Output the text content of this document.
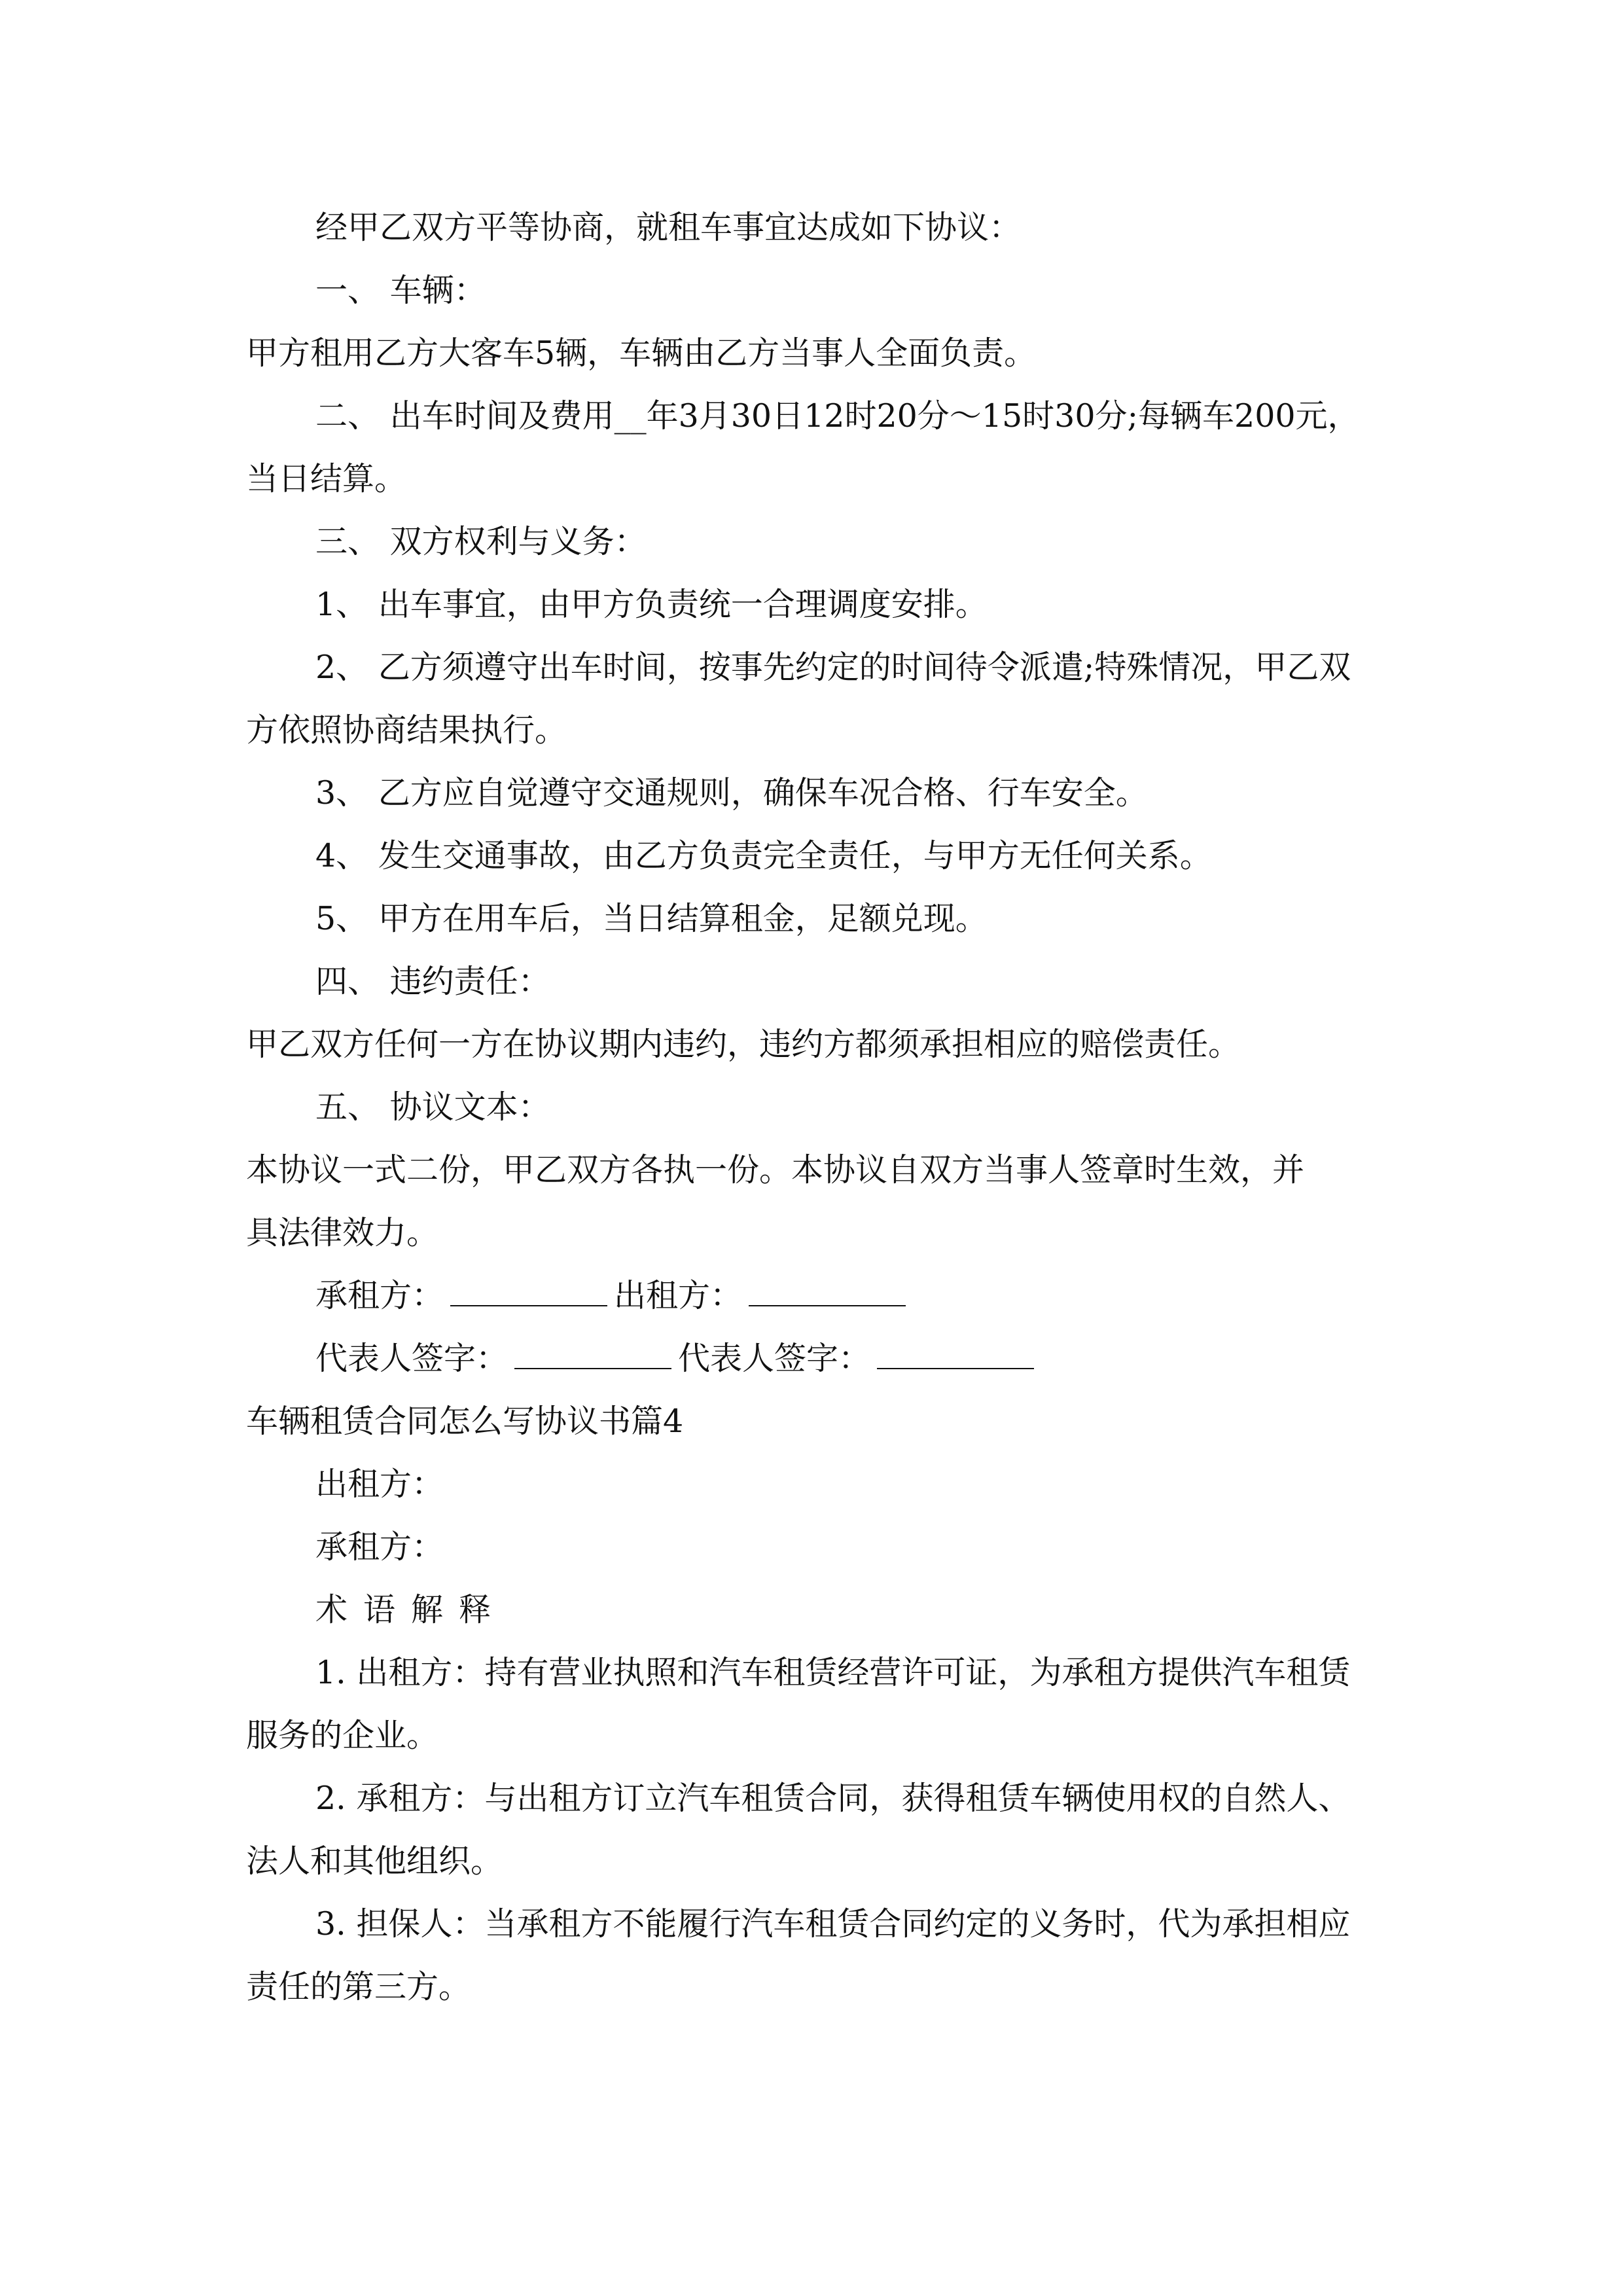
经甲乙双方平等协商，就租车事宜达成如下协议：
一、 车辆：
甲方租用乙方大客车5辆，车辆由乙方当事人全面负责。
二、 出车时间及费用__年3月30日12时20分～15时30分;每辆车200元，
当日结算。
三、 双方权利与义务：
1、 出车事宜，由甲方负责统一合理调度安排。
2、 乙方须遵守出车时间，按事先约定的时间待令派遣;特殊情况，甲乙双
方依照协商结果执行。
3、 乙方应自觉遵守交通规则，确保车况合格、行车安全。
4、 发生交通事故，由乙方负责完全责任，与甲方无任何关系。
5、 甲方在用车后，当日结算租金，足额兑现。
四、 违约责任：
甲乙双方任何一方在协议期内违约，违约方都须承担相应的赔偿责任。
五、 协议文本：
本协议一式二份，甲乙双方各执一份。本协议自双方当事人签章时生效，并
具法律效力。
承租方：	出租方：
代表人签字：	代表人签字：
车辆租赁合同怎么写协议书篇4
出租方：
承租方：
术语解释
1. 出租方：持有营业执照和汽车租赁经营许可证，为承租方提供汽车租赁
服务的企业。
2. 承租方：与出租方订立汽车租赁合同，获得租赁车辆使用权的自然人、
法人和其他组织。
3. 担保人：当承租方不能履行汽车租赁合同约定的义务时，代为承担相应
责任的第三方。
